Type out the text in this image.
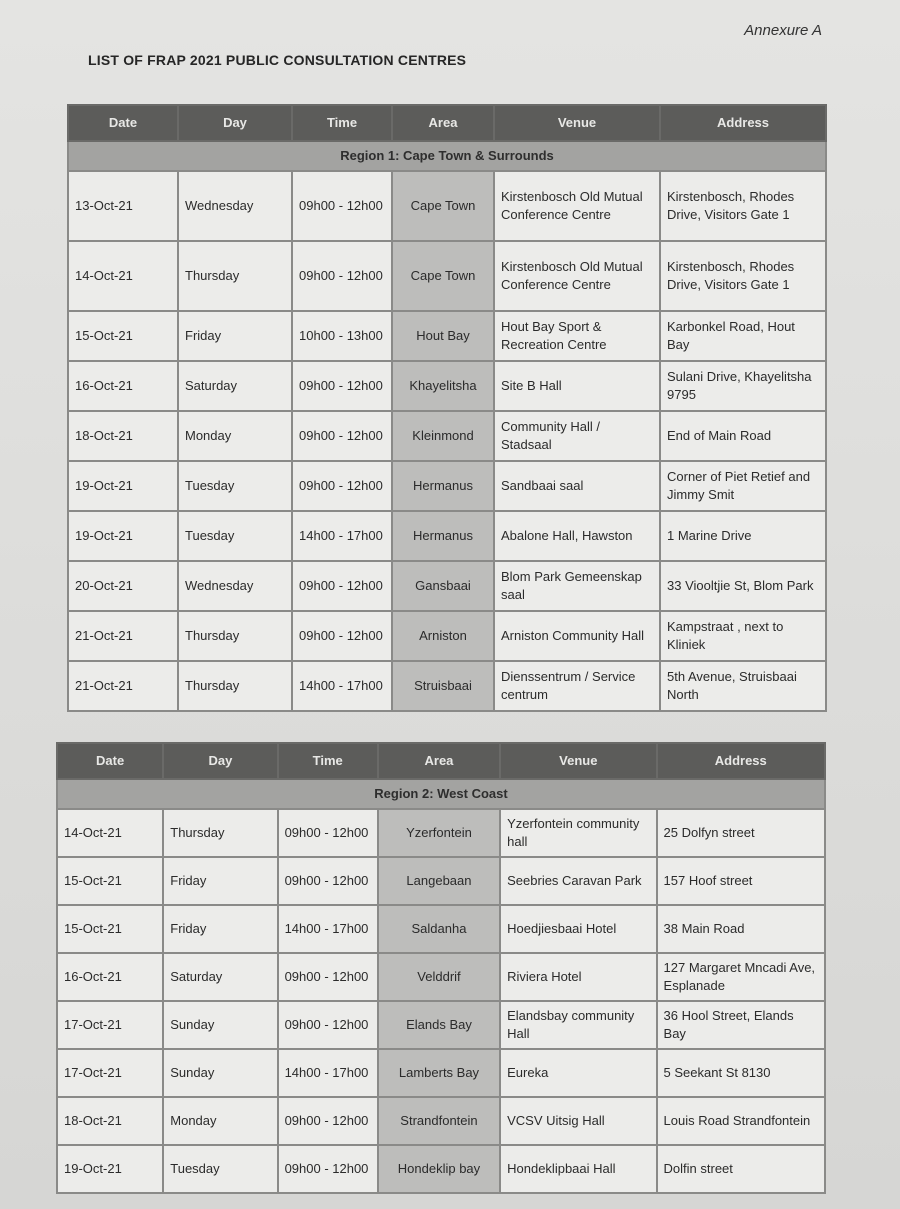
Annexure A
LIST OF FRAP 2021 PUBLIC CONSULTATION CENTRES
Date	Day	Time	Area	Venue	Address
Region 1: Cape Town & Surrounds					
13-Oct-21	Wednesday	09h00 - 12h00	Cape Town	Kirstenbosch Old Mutual Conference Centre	Kirstenbosch, Rhodes Drive, Visitors Gate 1
14-Oct-21	Thursday	09h00 - 12h00	Cape Town	Kirstenbosch Old Mutual Conference Centre	Kirstenbosch, Rhodes Drive, Visitors Gate 1
15-Oct-21	Friday	10h00 - 13h00	Hout Bay	Hout Bay Sport & Recreation Centre	Karbonkel Road, Hout Bay
16-Oct-21	Saturday	09h00 - 12h00	Khayelitsha	Site B Hall	Sulani Drive, Khayelitsha 9795
18-Oct-21	Monday	09h00 - 12h00	Kleinmond	Community Hall / Stadsaal	End of Main Road
19-Oct-21	Tuesday	09h00 - 12h00	Hermanus	Sandbaai saal	Corner of Piet Retief and Jimmy Smit
19-Oct-21	Tuesday	14h00 - 17h00	Hermanus	Abalone Hall, Hawston	1 Marine Drive
20-Oct-21	Wednesday	09h00 - 12h00	Gansbaai	Blom Park Gemeenskap saal	33 Viooltjie St, Blom Park
21-Oct-21	Thursday	09h00 - 12h00	Arniston	Arniston Community Hall	Kampstraat , next to Kliniek
21-Oct-21	Thursday	14h00 - 17h00	Struisbaai	Dienssentrum / Service centrum	5th Avenue, Struisbaai North
Date	Day	Time	Area	Venue	Address
Region 2: West Coast					
14-Oct-21	Thursday	09h00 - 12h00	Yzerfontein	Yzerfontein community hall	25 Dolfyn street
15-Oct-21	Friday	09h00 - 12h00	Langebaan	Seebries Caravan Park	157 Hoof street
15-Oct-21	Friday	14h00 - 17h00	Saldanha	Hoedjiesbaai Hotel	38 Main Road
16-Oct-21	Saturday	09h00 - 12h00	Velddrif	Riviera Hotel	127 Margaret Mncadi Ave, Esplanade
17-Oct-21	Sunday	09h00 - 12h00	Elands Bay	Elandsbay community Hall	36 Hool Street, Elands Bay
17-Oct-21	Sunday	14h00 - 17h00	Lamberts Bay	Eureka	5 Seekant St 8130
18-Oct-21	Monday	09h00 - 12h00	Strandfontein	VCSV Uitsig Hall	Louis Road Strandfontein
19-Oct-21	Tuesday	09h00 - 12h00	Hondeklip bay	Hondeklipbaai Hall	Dolfin street
